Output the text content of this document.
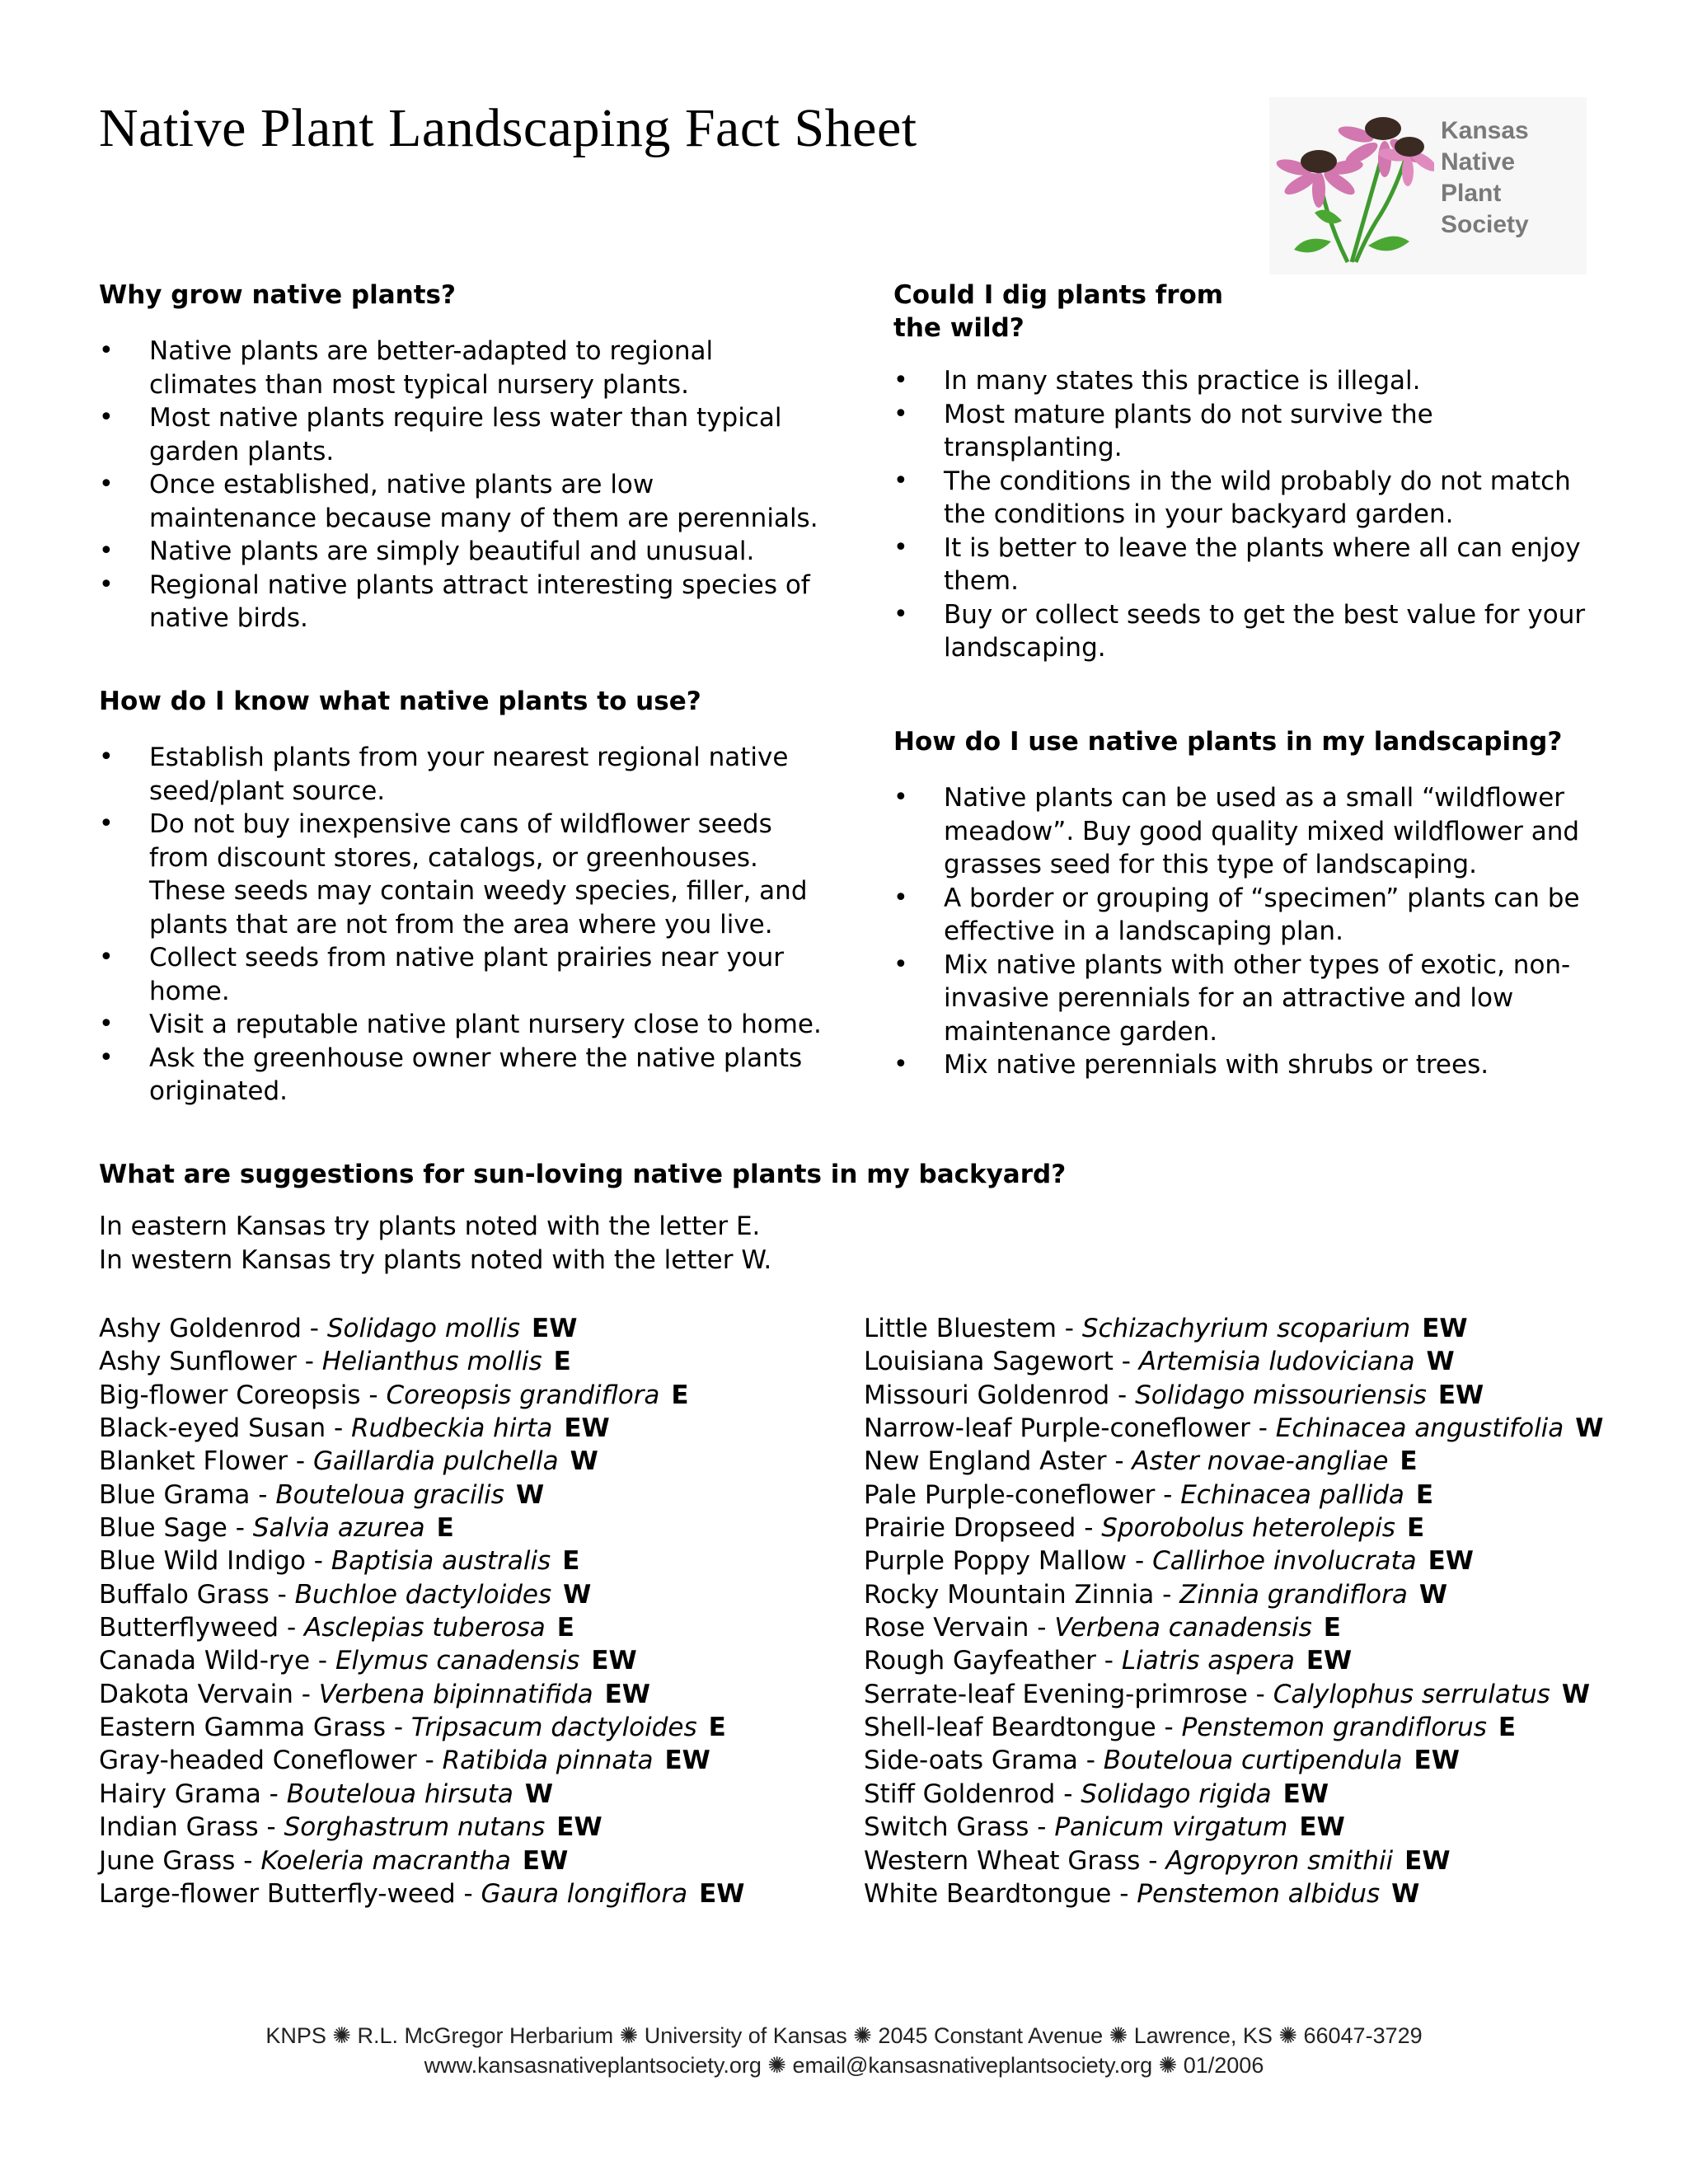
Native Plant Landscaping Fact Sheet	Kansas
Native
Plant
Society
Why grow native plants?
• Native plants are better-adapted to regional climates than most typical nursery plants.
• Most native plants require less water than typical garden plants.
• Once established, native plants are low maintenance because many of them are perennials.
• Native plants are simply beautiful and unusual.
• Regional native plants attract interesting species of native birds.
How do I know what native plants to use?
• Establish plants from your nearest regional native seed/plant source.
• Do not buy inexpensive cans of wildflower seeds from discount stores, catalogs, or greenhouses. These seeds may contain weedy species, filler, and plants that are not from the area where you live.
• Collect seeds from native plant prairies near your home.
• Visit a reputable native plant nursery close to home.
• Ask the greenhouse owner where the native plants originated.
Could I dig plants from
the wild?
• In many states this practice is illegal.
• Most mature plants do not survive the transplanting.
• The conditions in the wild probably do not match the conditions in your backyard garden.
• It is better to leave the plants where all can enjoy them.
• Buy or collect seeds to get the best value for your landscaping.
How do I use native plants in my landscaping?
• Native plants can be used as a small “wildflower meadow”. Buy good quality mixed wildflower and grasses seed for this type of landscaping.
• A border or grouping of “specimen” plants can be effective in a landscaping plan.
• Mix native plants with other types of exotic, non-invasive perennials for an attractive and low maintenance garden.
• Mix native perennials with shrubs or trees.
What are suggestions for sun-loving native plants in my backyard?
In eastern Kansas try plants noted with the letter E.
In western Kansas try plants noted with the letter W.
Ashy Goldenrod - Solidago mollis EW
Ashy Sunflower - Helianthus mollis E
Big-flower Coreopsis - Coreopsis grandiflora E
Black-eyed Susan - Rudbeckia hirta EW
Blanket Flower - Gaillardia pulchella W
Blue Grama - Bouteloua gracilis W
Blue Sage - Salvia azurea E
Blue Wild Indigo - Baptisia australis E
Buffalo Grass - Buchloe dactyloides W
Butterflyweed - Asclepias tuberosa E
Canada Wild-rye - Elymus canadensis EW
Dakota Vervain - Verbena bipinnatifida EW
Eastern Gamma Grass - Tripsacum dactyloides E
Gray-headed Coneflower - Ratibida pinnata EW
Hairy Grama - Bouteloua hirsuta W
Indian Grass - Sorghastrum nutans EW
June Grass - Koeleria macrantha EW
Large-flower Butterfly-weed - Gaura longiflora EW
Little Bluestem - Schizachyrium scoparium EW
Louisiana Sagewort - Artemisia ludoviciana W
Missouri Goldenrod - Solidago missouriensis EW
Narrow-leaf Purple-coneflower - Echinacea angustifolia W
New England Aster - Aster novae-angliae E
Pale Purple-coneflower - Echinacea pallida E
Prairie Dropseed - Sporobolus heterolepis E
Purple Poppy Mallow - Callirhoe involucrata EW
Rocky Mountain Zinnia - Zinnia grandiflora W
Rose Vervain - Verbena canadensis E
Rough Gayfeather - Liatris aspera EW
Serrate-leaf Evening-primrose - Calylophus serrulatus W
Shell-leaf Beardtongue - Penstemon grandiflorus E
Side-oats Grama - Bouteloua curtipendula EW
Stiff Goldenrod - Solidago rigida EW
Switch Grass - Panicum virgatum EW
Western Wheat Grass - Agropyron smithii EW
White Beardtongue - Penstemon albidus W
KNPS ✺ R.L. McGregor Herbarium ✺ University of Kansas ✺ 2045 Constant Avenue ✺ Lawrence, KS ✺ 66047-3729
www.kansasnativeplantsociety.org ✺ email@kansasnativeplantsociety.org ✺ 01/2006
